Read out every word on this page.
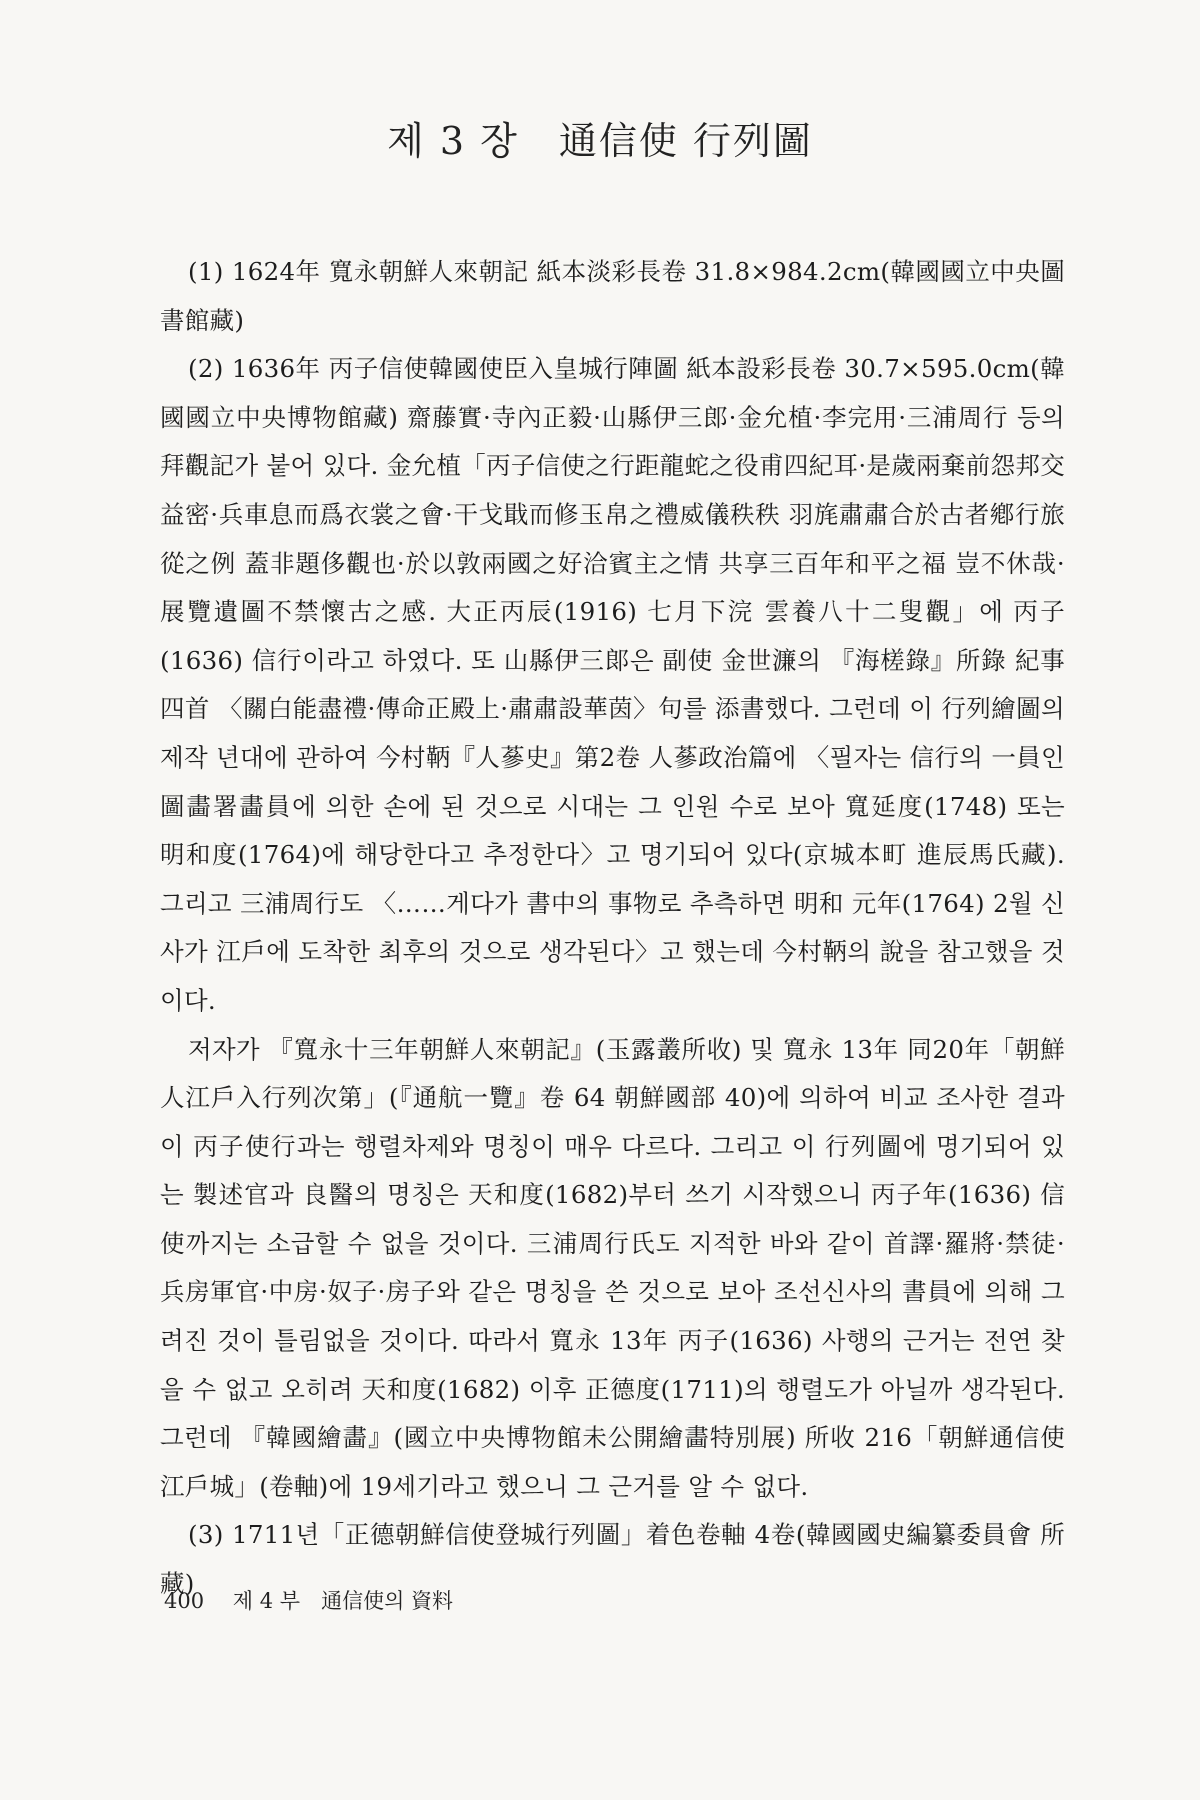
제 3 장　通信使 行列圖

(1) 1624年 寬永朝鮮人來朝記 紙本淡彩長卷 31.8×984.2cm(韓國國立中央圖書館藏)

(2) 1636年 丙子信使韓國使臣入皇城行陣圖 紙本設彩長卷 30.7×595.0cm(韓國國立中央博物館藏) 齋藤實·寺內正毅·山縣伊三郎·金允植·李完用·三浦周行 등의 拜觀記가 붙어 있다. 金允植「丙子信使之行距龍蛇之役甫四紀耳·是歲兩棄前怨邦交益密·兵車息而爲衣裳之會·干戈戢而修玉帛之禮威儀秩秩 羽旄肅肅合於古者鄕行旅從之例 蓋非題侈觀也·於以敦兩國之好洽賓主之情 共享三百年和平之福 豈不休哉·展覽遺圖不禁懷古之感. 大正丙辰(1916) 七月下浣 雲養八十二叟觀」에 丙子(1636) 信行이라고 하였다. 또 山縣伊三郞은 副使 金世濂의 『海槎錄』所錄 紀事四首 〈關白能盡禮·傳命正殿上·肅肅設華茵〉句를 添書했다. 그런데 이 行列繪圖의 제작 년대에 관하여 今村鞆『人蔘史』第2卷 人蔘政治篇에 〈필자는 信行의 一員인 圖畵署畵員에 의한 손에 된 것으로 시대는 그 인원 수로 보아 寬延度(1748) 또는 明和度(1764)에 해당한다고 추정한다〉고 명기되어 있다(京城本町 進辰馬氏藏). 그리고 三浦周行도 〈……게다가 書中의 事物로 추측하면 明和 元年(1764) 2월 신사가 江戶에 도착한 최후의 것으로 생각된다〉고 했는데 今村鞆의 說을 참고했을 것이다.

저자가 『寬永十三年朝鮮人來朝記』(玉露叢所收) 및 寬永 13年 同20年「朝鮮人江戶入行列次第」(『通航一覽』卷 64 朝鮮國部 40)에 의하여 비교 조사한 결과 이 丙子使行과는 행렬차제와 명칭이 매우 다르다. 그리고 이 行列圖에 명기되어 있는 製述官과 良醫의 명칭은 天和度(1682)부터 쓰기 시작했으니 丙子年(1636) 信使까지는 소급할 수 없을 것이다. 三浦周行氏도 지적한 바와 같이 首譯·羅將·禁徒·兵房軍官·中房·奴子·房子와 같은 명칭을 쓴 것으로 보아 조선신사의 書員에 의해 그려진 것이 틀림없을 것이다. 따라서 寬永 13年 丙子(1636) 사행의 근거는 전연 찾을 수 없고 오히려 天和度(1682) 이후 正德度(1711)의 행렬도가 아닐까 생각된다. 그런데 『韓國繪畵』(國立中央博物館未公開繪畵特別展) 所收 216「朝鮮通信使江戶城」(卷軸)에 19세기라고 했으니 그 근거를 알 수 없다.

(3) 1711년「正德朝鮮信使登城行列圖」着色卷軸 4卷(韓國國史編纂委員會 所藏)

400 제 4 부　通信使의 資料
